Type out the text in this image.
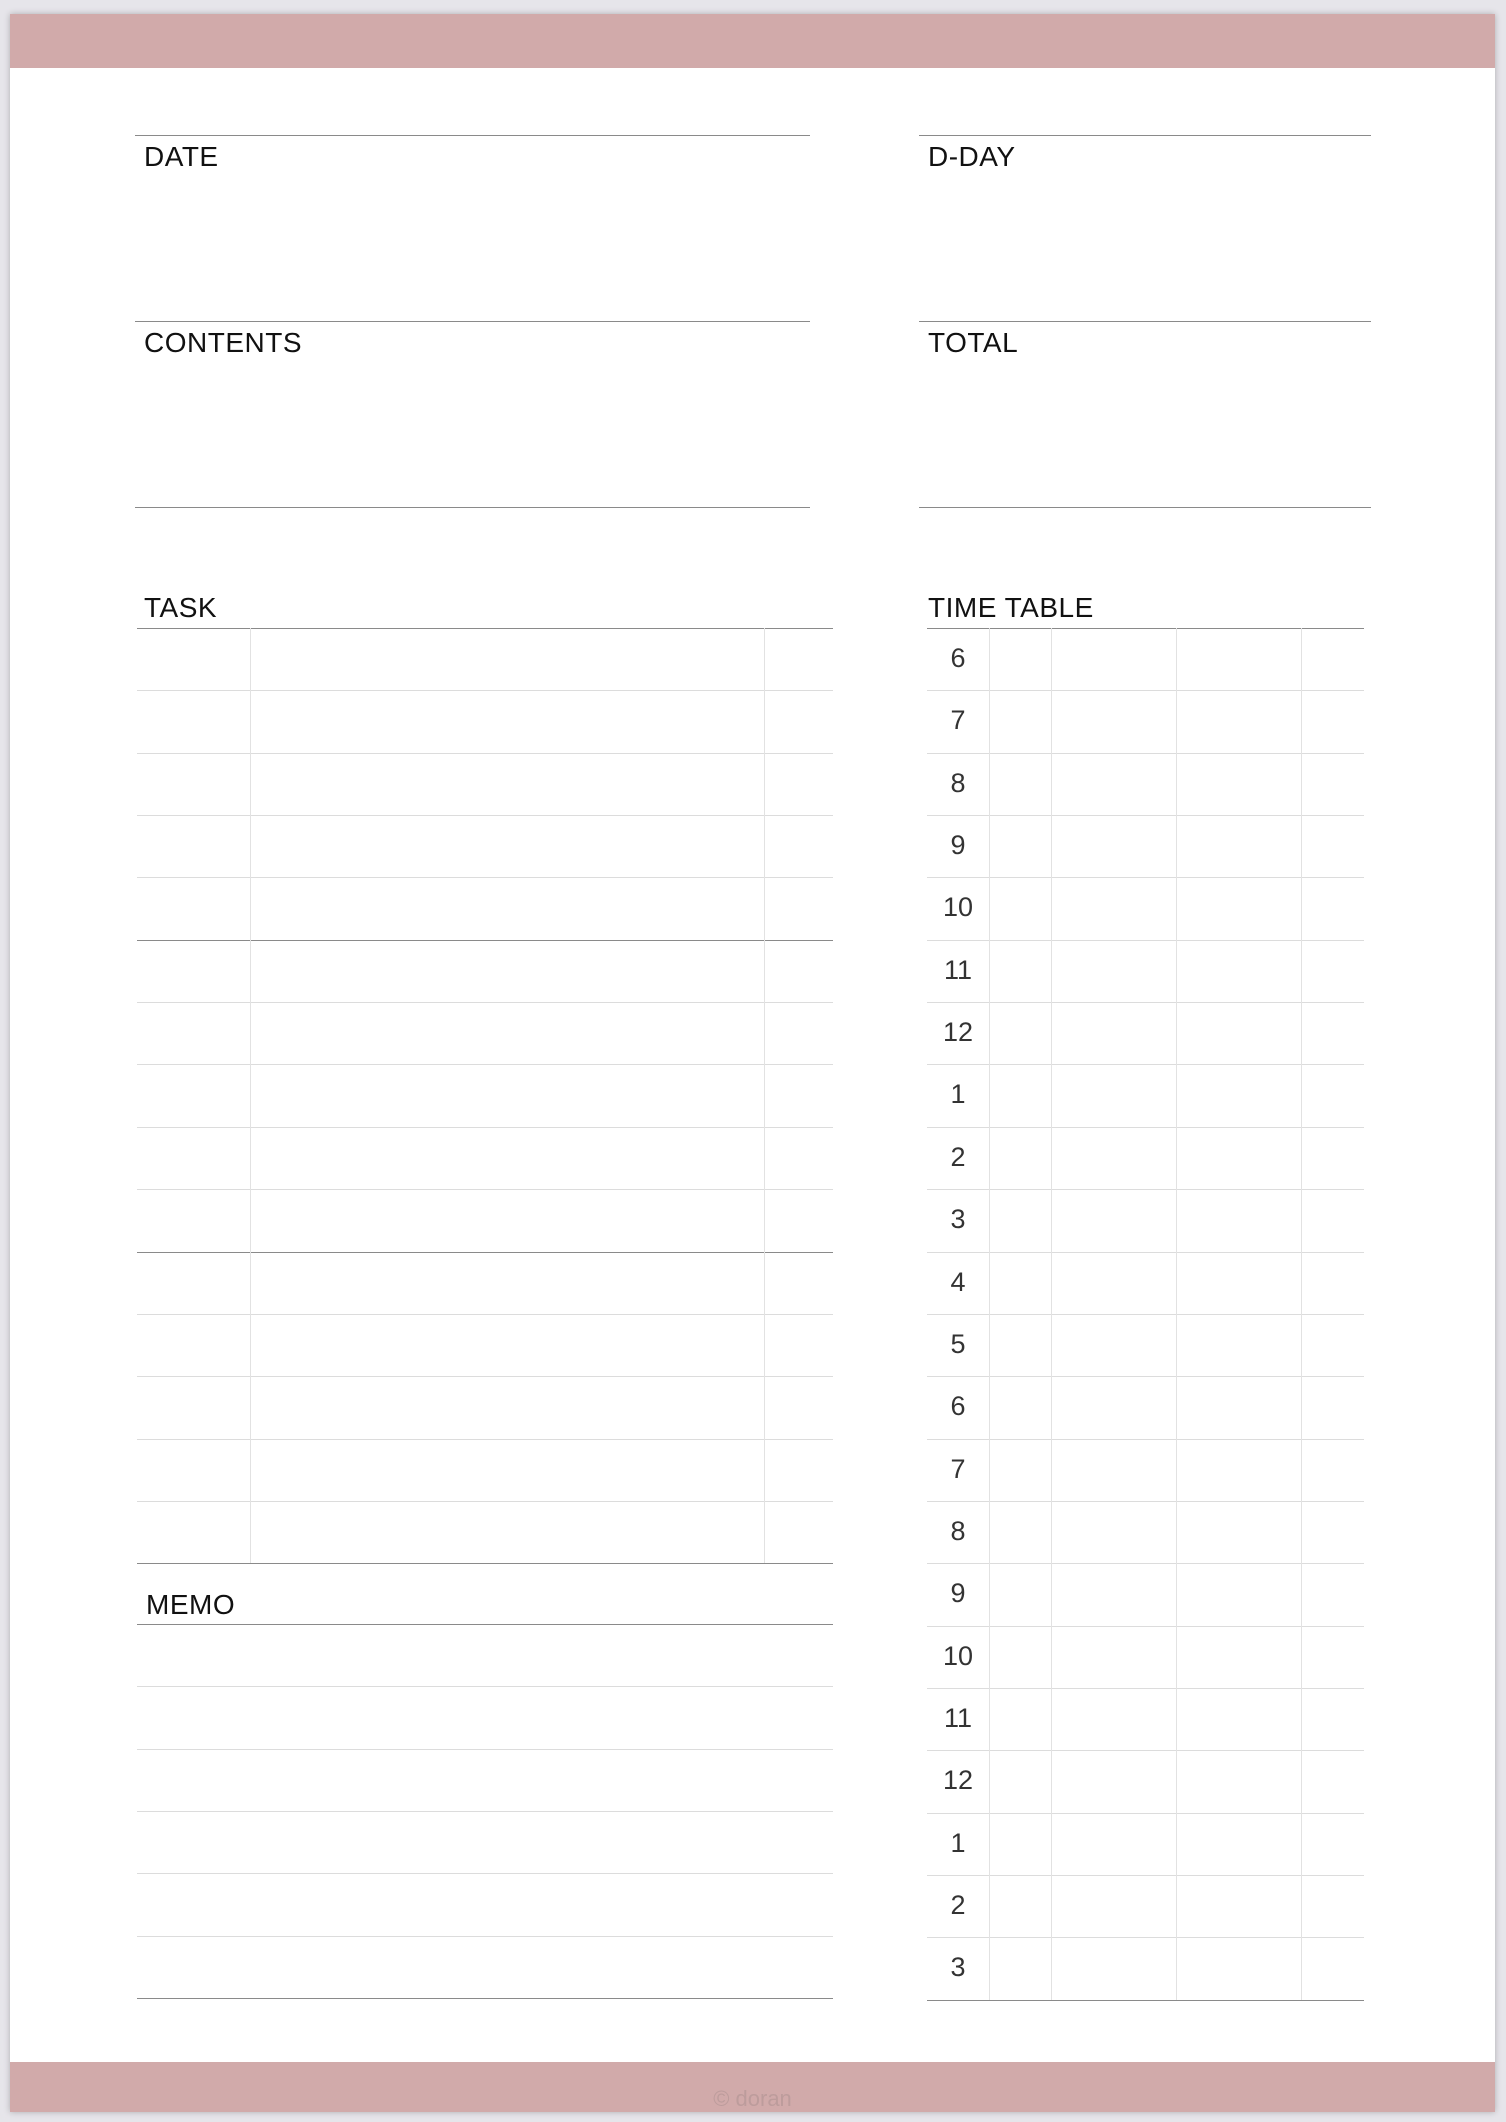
DATE	D-DAY
CONTENTS	TOTAL
TASK
MEMO
TIME TABLE
6
7
8
9
10
11
12
1
2
3
4
5
6
7
8
9
10
11
12
1
2
3
© doran
